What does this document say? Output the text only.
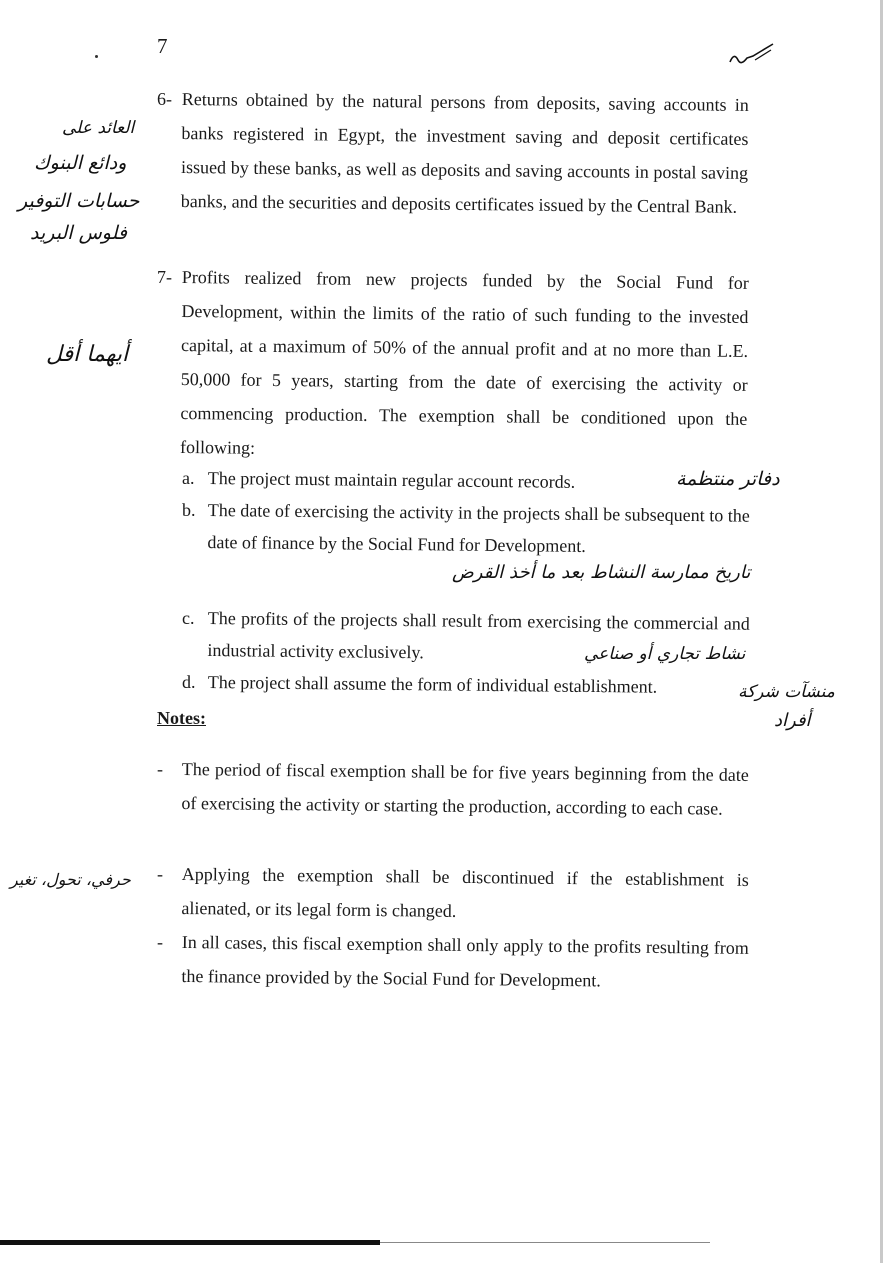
7
6- Returns obtained by the natural persons from deposits, saving accounts in banks registered in Egypt, the investment saving and deposit certificates issued by these banks, as well as deposits and saving accounts in postal saving banks, and the securities and deposits certificates issued by the Central Bank.
7- Profits realized from new projects funded by the Social Fund for Development, within the limits of the ratio of such funding to the invested capital, at a maximum of 50% of the annual profit and at no more than L.E. 50,000 for 5 years, starting from the date of exercising the activity or commencing production. The exemption shall be conditioned upon the following:
a. The project must maintain regular account records.
b. The date of exercising the activity in the projects shall be subsequent to the date of finance by the Social Fund for Development.
c. The profits of the projects shall result from exercising the commercial and industrial activity exclusively.
d. The project shall assume the form of individual establishment.
Notes:
- The period of fiscal exemption shall be for five years beginning from the date of exercising the activity or starting the production, according to each case.
- Applying the exemption shall be discontinued if the establishment is alienated, or its legal form is changed.
- In all cases, this fiscal exemption shall only apply to the profits resulting from the finance provided by the Social Fund for Development.
العائد على
ودائع البنوك
حسابات التوفير
فلوس البريد
أيهما أقل
دفاتر منتظمة
تاريخ ممارسة النشاط بعد ما أخذ القرض
نشاط تجاري أو صناعي
منشآت شركة
أفراد
حرفي، تحول، تغير
